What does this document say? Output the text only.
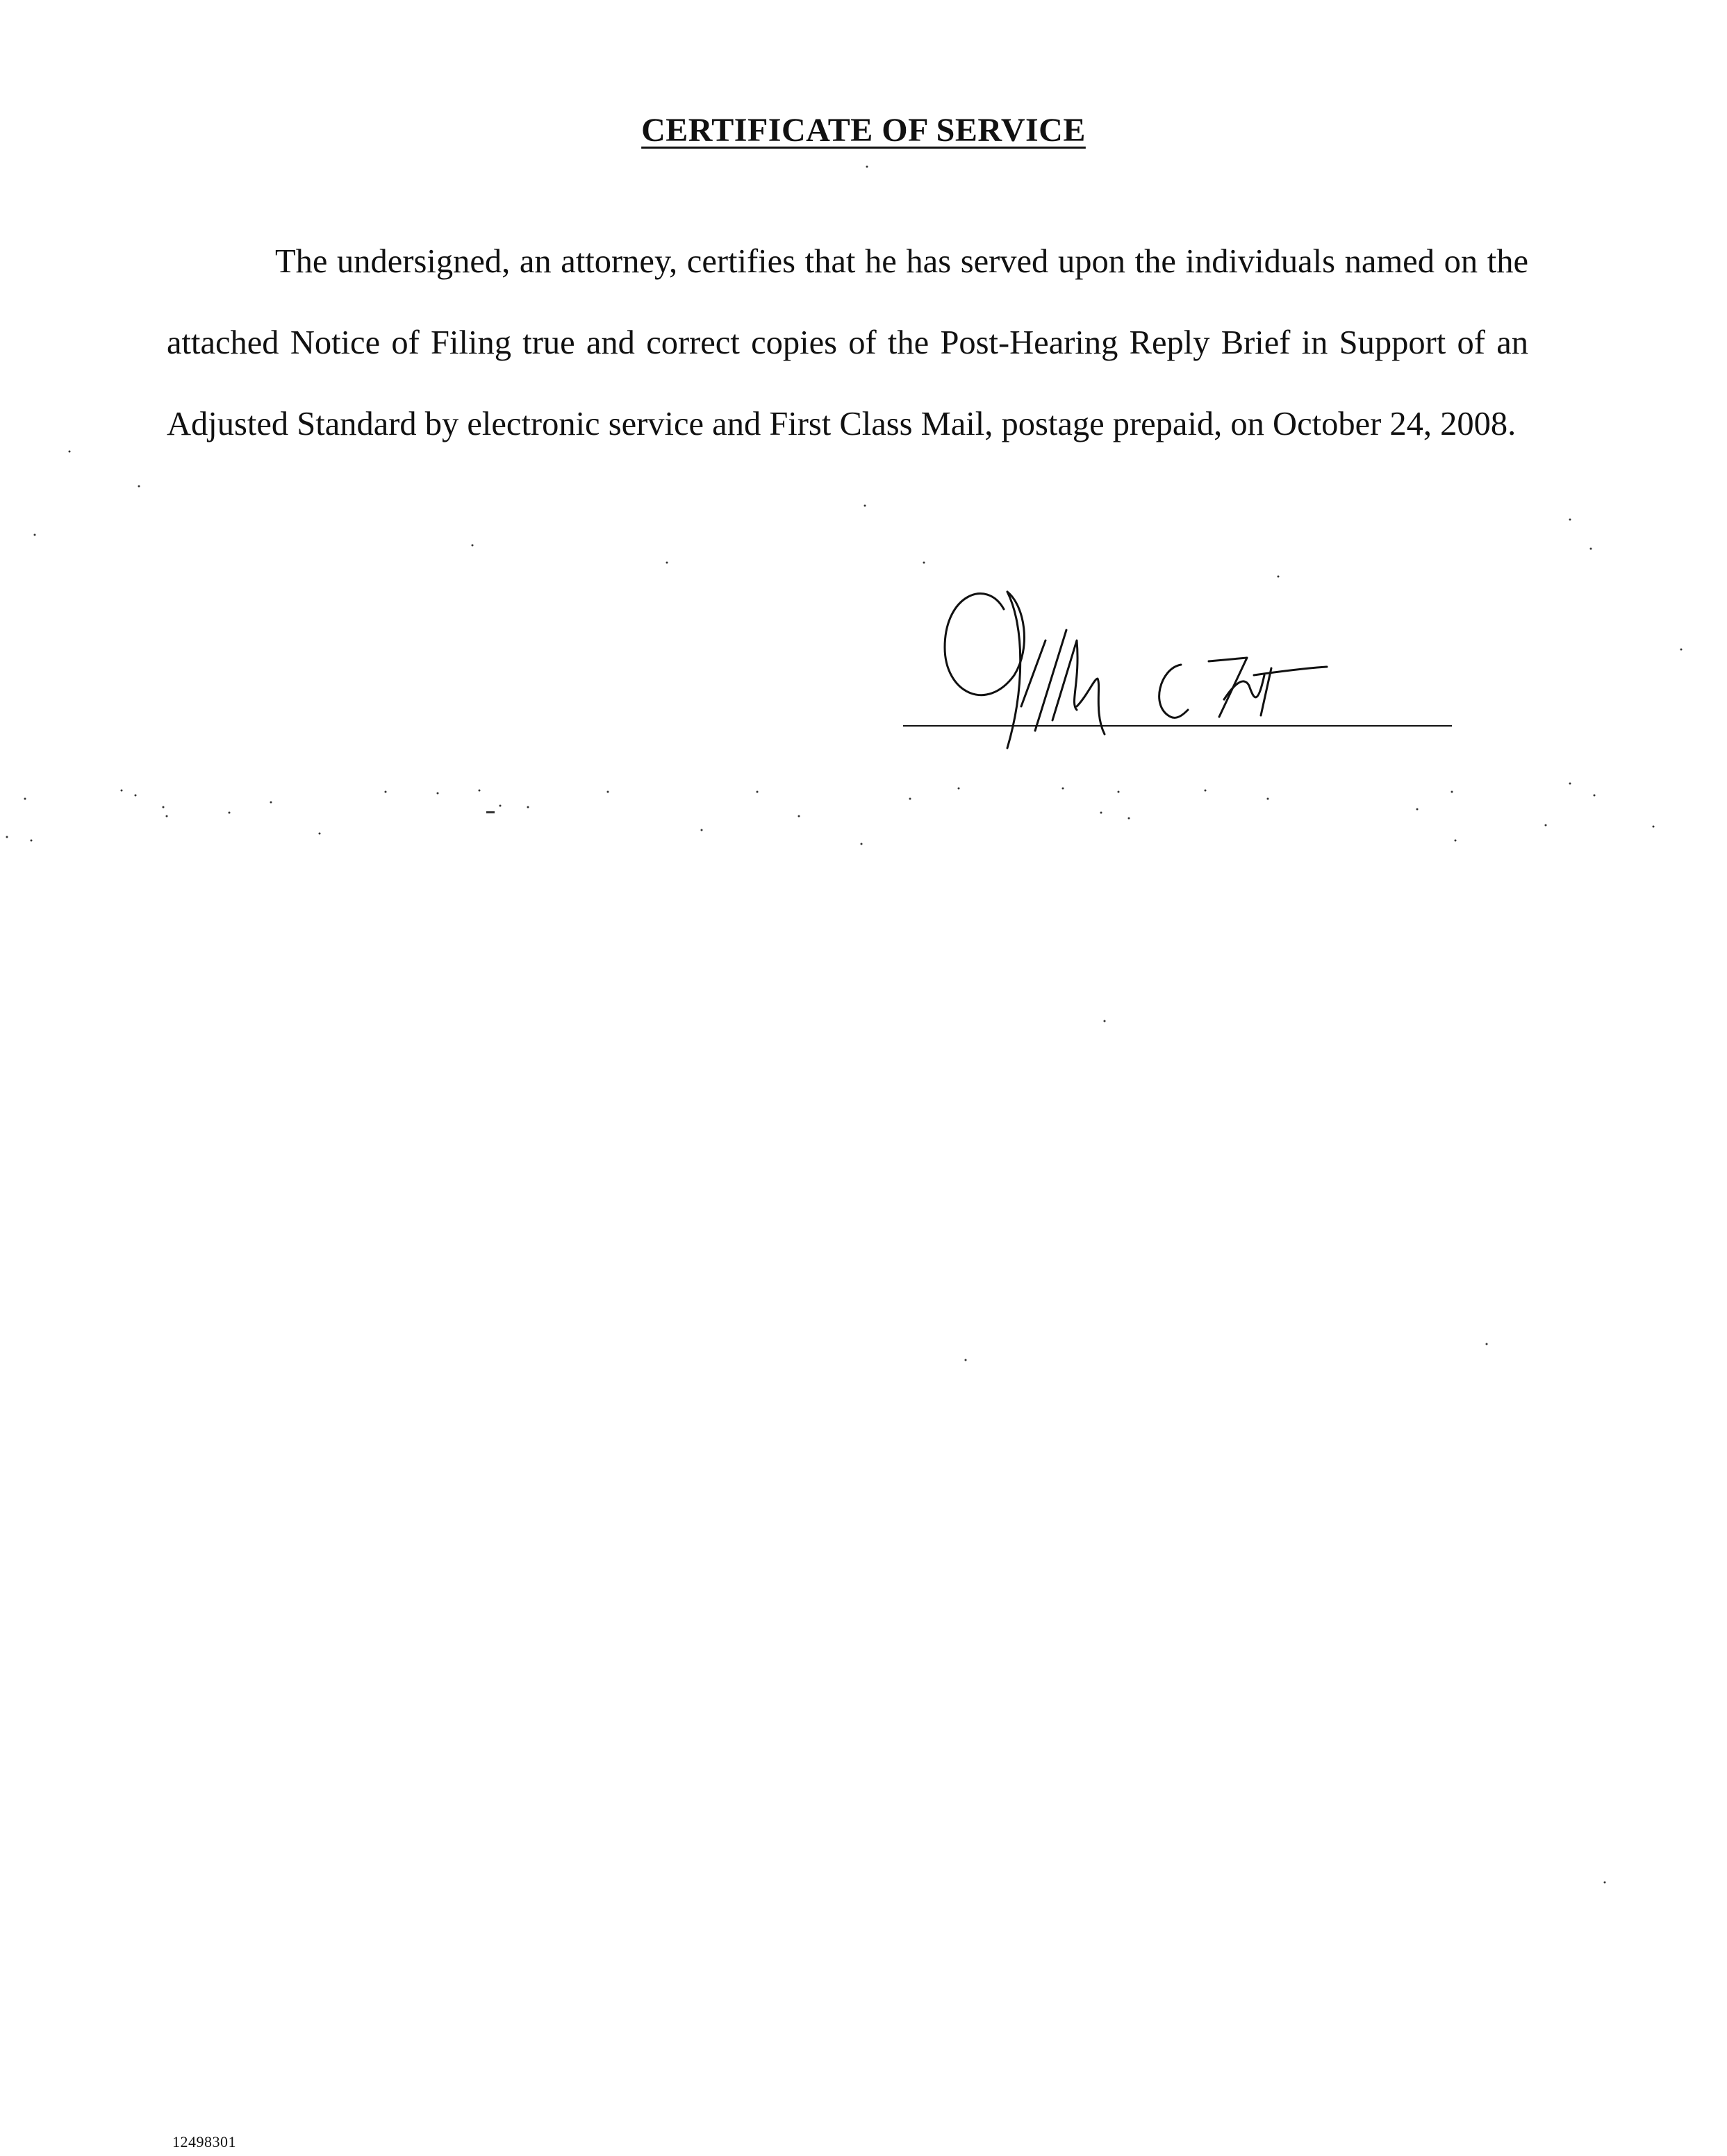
CERTIFICATE OF SERVICE

The undersigned, an attorney, certifies that he has served upon the individuals named on the attached Notice of Filing true and correct copies of the Post-Hearing Reply Brief in Support of an Adjusted Standard by electronic service and First Class Mail, postage prepaid, on October 24, 2008.

12498301
